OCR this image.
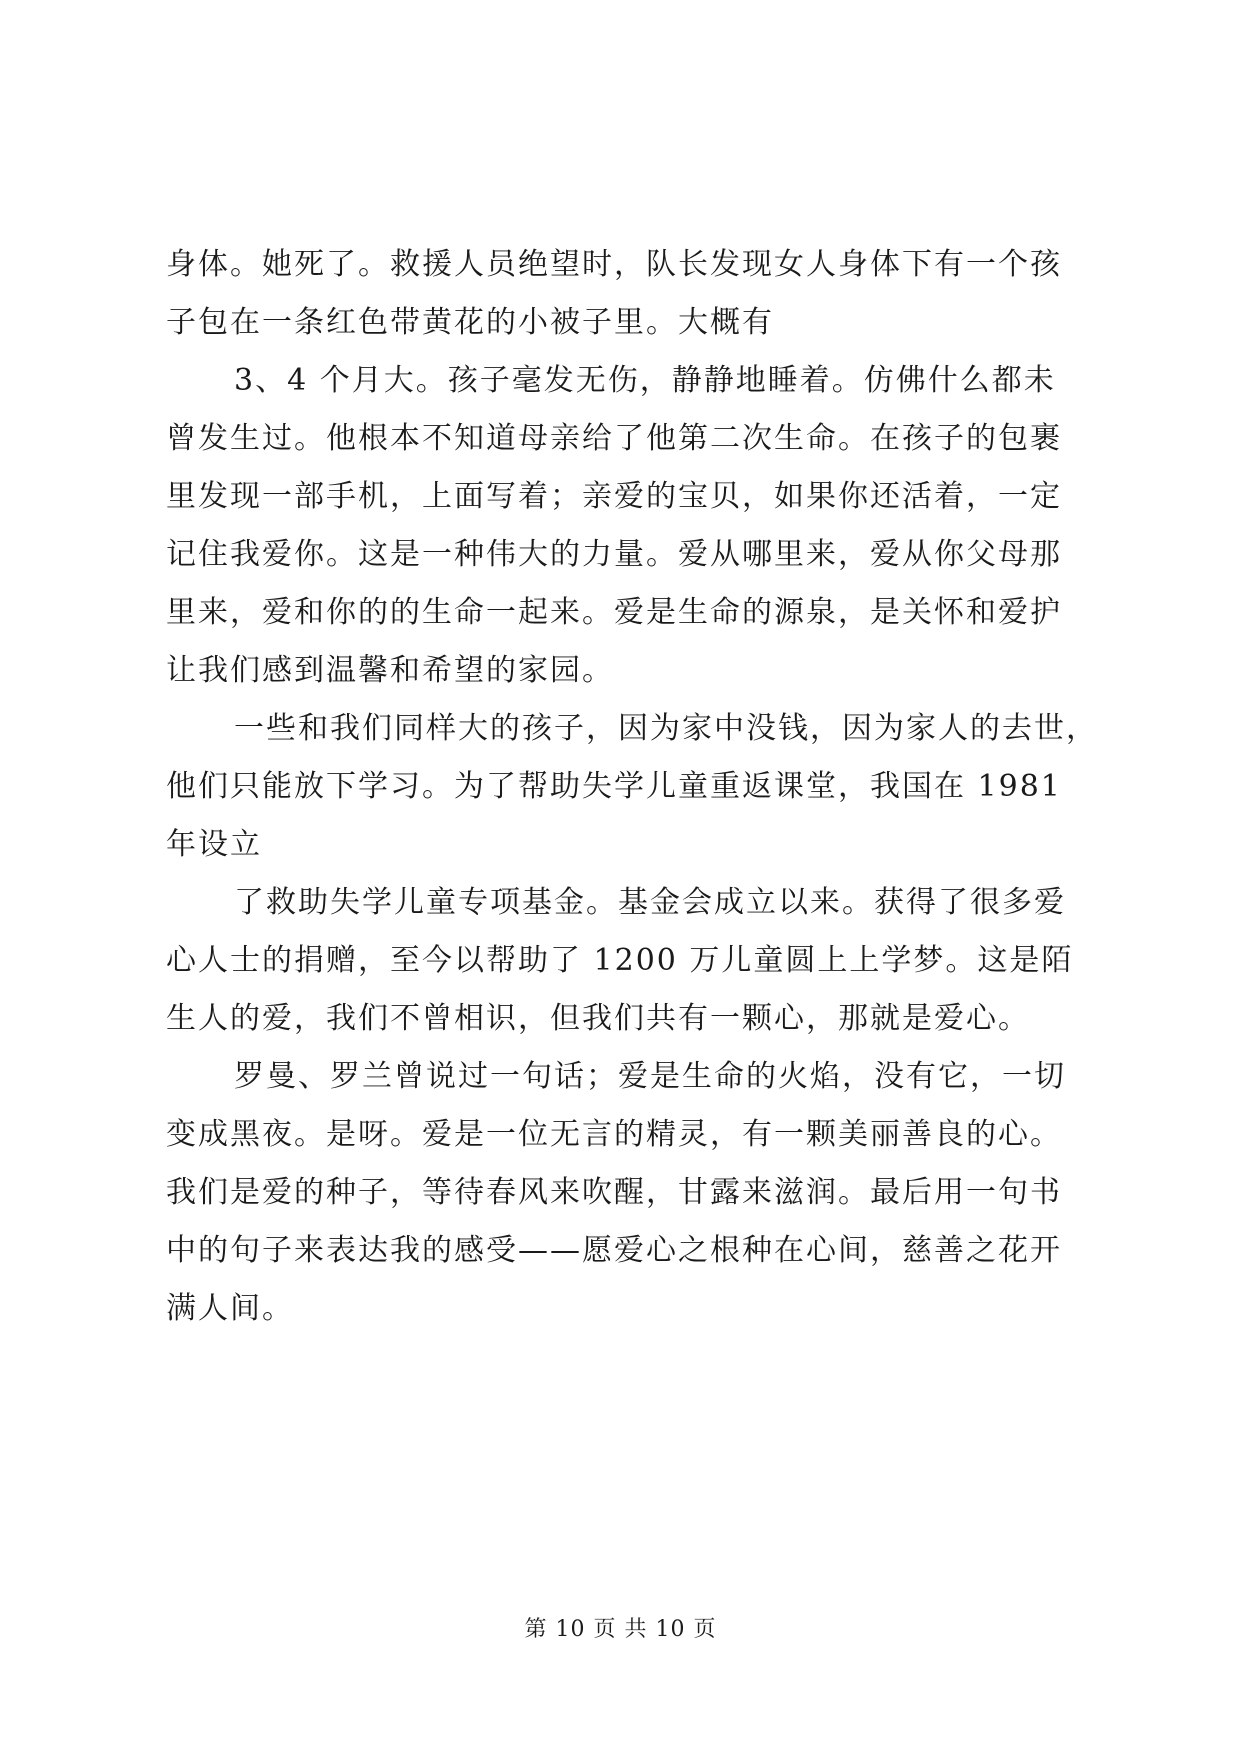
身体。她死了。救援人员绝望时，队长发现女人身体下有一个孩
子包在一条红色带黄花的小被子里。大概有
3、4 个月大。孩子毫发无伤，静静地睡着。仿佛什么都未
曾发生过。他根本不知道母亲给了他第二次生命。在孩子的包裹
里发现一部手机，上面写着；亲爱的宝贝，如果你还活着，一定
记住我爱你。这是一种伟大的力量。爱从哪里来，爱从你父母那
里来，爱和你的的生命一起来。爱是生命的源泉，是关怀和爱护
让我们感到温馨和希望的家园。
一些和我们同样大的孩子，因为家中没钱，因为家人的去世，
他们只能放下学习。为了帮助失学儿童重返课堂，我国在 1981
年设立
了救助失学儿童专项基金。基金会成立以来。获得了很多爱
心人士的捐赠，至今以帮助了 1200 万儿童圆上上学梦。这是陌
生人的爱，我们不曾相识，但我们共有一颗心，那就是爱心。
罗曼、罗兰曾说过一句话；爱是生命的火焰，没有它，一切
变成黑夜。是呀。爱是一位无言的精灵，有一颗美丽善良的心。
我们是爱的种子，等待春风来吹醒，甘露来滋润。最后用一句书
中的句子来表达我的感受——愿爱心之根种在心间，慈善之花开
满人间。
第 10 页 共 10 页
